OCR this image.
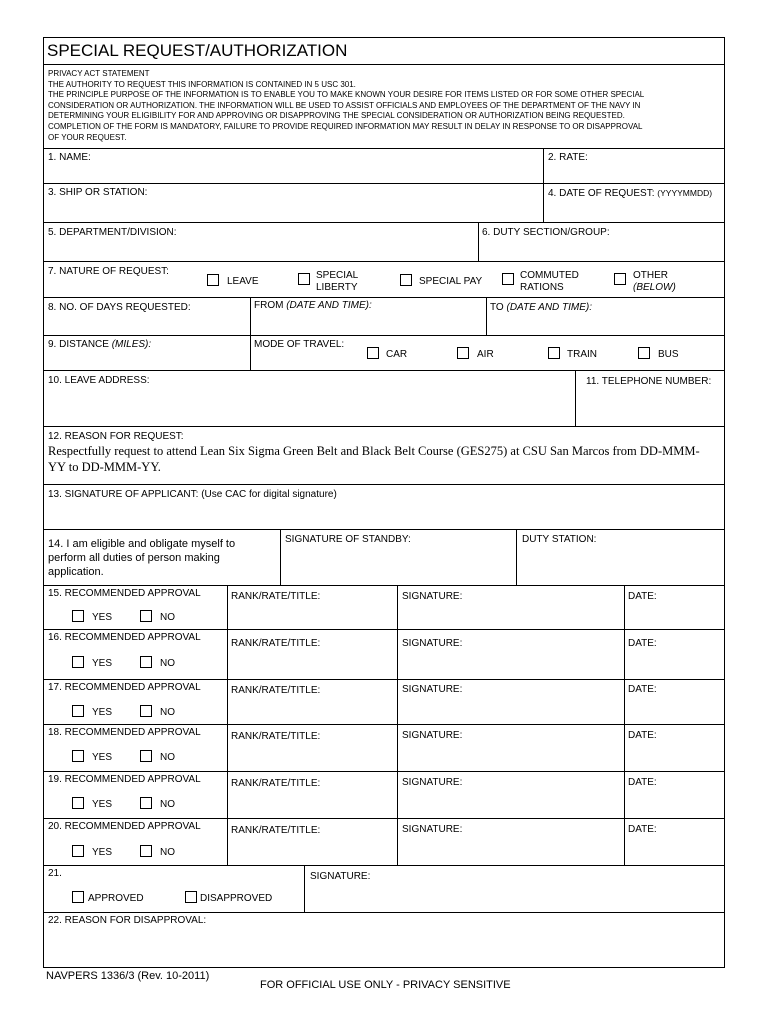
SPECIAL REQUEST/AUTHORIZATION
PRIVACY ACT STATEMENT
THE AUTHORITY TO REQUEST THIS INFORMATION IS CONTAINED IN 5 USC 301.
THE PRINCIPLE PURPOSE OF THE INFORMATION IS TO ENABLE YOU TO MAKE KNOWN YOUR DESIRE FOR ITEMS LISTED OR FOR SOME OTHER SPECIAL
CONSIDERATION OR AUTHORIZATION. THE INFORMATION WILL BE USED TO ASSIST OFFICIALS AND EMPLOYEES OF THE DEPARTMENT OF THE NAVY IN
DETERMINING YOUR ELIGIBILITY FOR AND APPROVING OR DISAPPROVING THE SPECIAL CONSIDERATION OR AUTHORIZATION BEING REQUESTED.
COMPLETION OF THE FORM IS MANDATORY, FAILURE TO PROVIDE REQUIRED INFORMATION MAY RESULT IN DELAY IN RESPONSE TO OR DISAPPROVAL
OF YOUR REQUEST.
1. NAME:	2. RATE:
3. SHIP OR STATION:	4. DATE OF REQUEST: (YYYYMMDD)
5. DEPARTMENT/DIVISION:	6. DUTY SECTION/GROUP:
7. NATURE OF REQUEST:
LEAVE
SPECIAL
LIBERTY
SPECIAL PAY
COMMUTED
RATIONS
OTHER
(BELOW)
8. NO. OF DAYS REQUESTED:	FROM (DATE AND TIME):	TO (DATE AND TIME):
9. DISTANCE (MILES):	MODE OF TRAVEL:
CAR	AIR	TRAIN	BUS
10. LEAVE ADDRESS:	11. TELEPHONE NUMBER:
12. REASON FOR REQUEST:
Respectfully request to attend Lean Six Sigma Green Belt and Black Belt Course (GES275) at CSU San Marcos from DD-MMM-YY to DD-MMM-YY.
13. SIGNATURE OF APPLICANT: (Use CAC for digital signature)
14. I am eligible and obligate myself to perform all duties of person making application.
SIGNATURE OF STANDBY:	DUTY STATION:
15. RECOMMENDED APPROVAL
YES	NO
RANK/RATE/TITLE:	SIGNATURE:	DATE:
16. RECOMMENDED APPROVAL
YES	NO
RANK/RATE/TITLE:	SIGNATURE:	DATE:
17. RECOMMENDED APPROVAL
YES	NO
RANK/RATE/TITLE:	SIGNATURE:	DATE:
18. RECOMMENDED APPROVAL
YES	NO
RANK/RATE/TITLE:	SIGNATURE:	DATE:
19. RECOMMENDED APPROVAL
YES	NO
RANK/RATE/TITLE:	SIGNATURE:	DATE:
20. RECOMMENDED APPROVAL
YES	NO
RANK/RATE/TITLE:	SIGNATURE:	DATE:
21.
APPROVED	DISAPPROVED
SIGNATURE:
22. REASON FOR DISAPPROVAL:
NAVPERS 1336/3 (Rev. 10-2011)
FOR OFFICIAL USE ONLY - PRIVACY SENSITIVE
